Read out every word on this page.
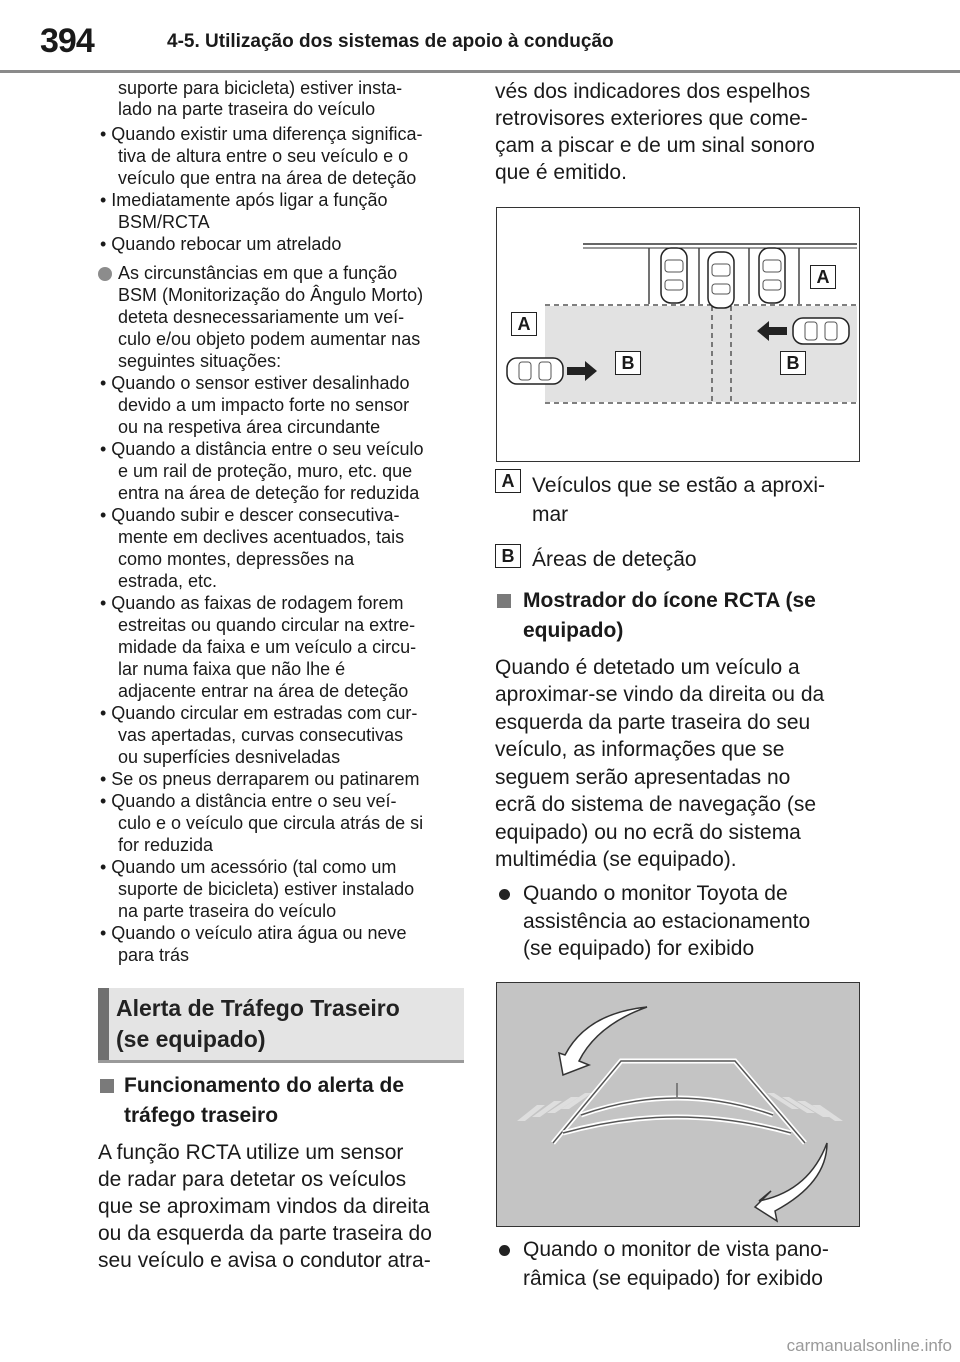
394	4-5. Utilização dos sistemas de apoio à condução
suporte para bicicleta) estiver insta-
lado na parte traseira do veículo
• Quando existir uma diferença significa-
tiva de altura entre o seu veículo e o
veículo que entra na área de deteção
• Imediatamente após ligar a função
BSM/RCTA
• Quando rebocar um atrelado
As circunstâncias em que a função
BSM (Monitorização do Ângulo Morto)
deteta desnecessariamente um veí-
culo e/ou objeto podem aumentar nas
seguintes situações:
• Quando o sensor estiver desalinhado
devido a um impacto forte no sensor
ou na respetiva área circundante
• Quando a distância entre o seu veículo
e um rail de proteção, muro, etc. que
entra na área de deteção for reduzida
• Quando subir e descer consecutiva-
mente em declives acentuados, tais
como montes, depressões na
estrada, etc.
• Quando as faixas de rodagem forem
estreitas ou quando circular na extre-
midade da faixa e um veículo a circu-
lar numa faixa que não lhe é
adjacente entrar na área de deteção
• Quando circular em estradas com cur-
vas apertadas, curvas consecutivas
ou superfícies desniveladas
• Se os pneus derraparem ou patinarem
• Quando a distância entre o seu veí-
culo e o veículo que circula atrás de si
for reduzida
• Quando um acessório (tal como um
suporte de bicicleta) estiver instalado
na parte traseira do veículo
• Quando o veículo atira água ou neve
para trás
Alerta de Tráfego Traseiro
(se equipado)
Funcionamento do alerta de
tráfego traseiro
A função RCTA utilize um sensor
de radar para detetar os veículos
que se aproximam vindos da direita
ou da esquerda da parte traseira do
seu veículo e avisa o condutor atra-
vés dos indicadores dos espelhos
retrovisores exteriores que come-
çam a piscar e de um sinal sonoro
que é emitido.
A
A
B	B
A Veículos que se estão a aproxi-
mar
B Áreas de deteção
Mostrador do ícone RCTA (se
equipado)
Quando é detetado um veículo a
aproximar-se vindo da direita ou da
esquerda da parte traseira do seu
veículo, as informações que se
seguem serão apresentadas no
ecrã do sistema de navegação (se
equipado) ou no ecrã do sistema
multimédia (se equipado).
Quando o monitor Toyota de
assistência ao estacionamento
(se equipado) for exibido
Quando o monitor de vista pano-
râmica (se equipado) for exibido
carmanualsonline.info
